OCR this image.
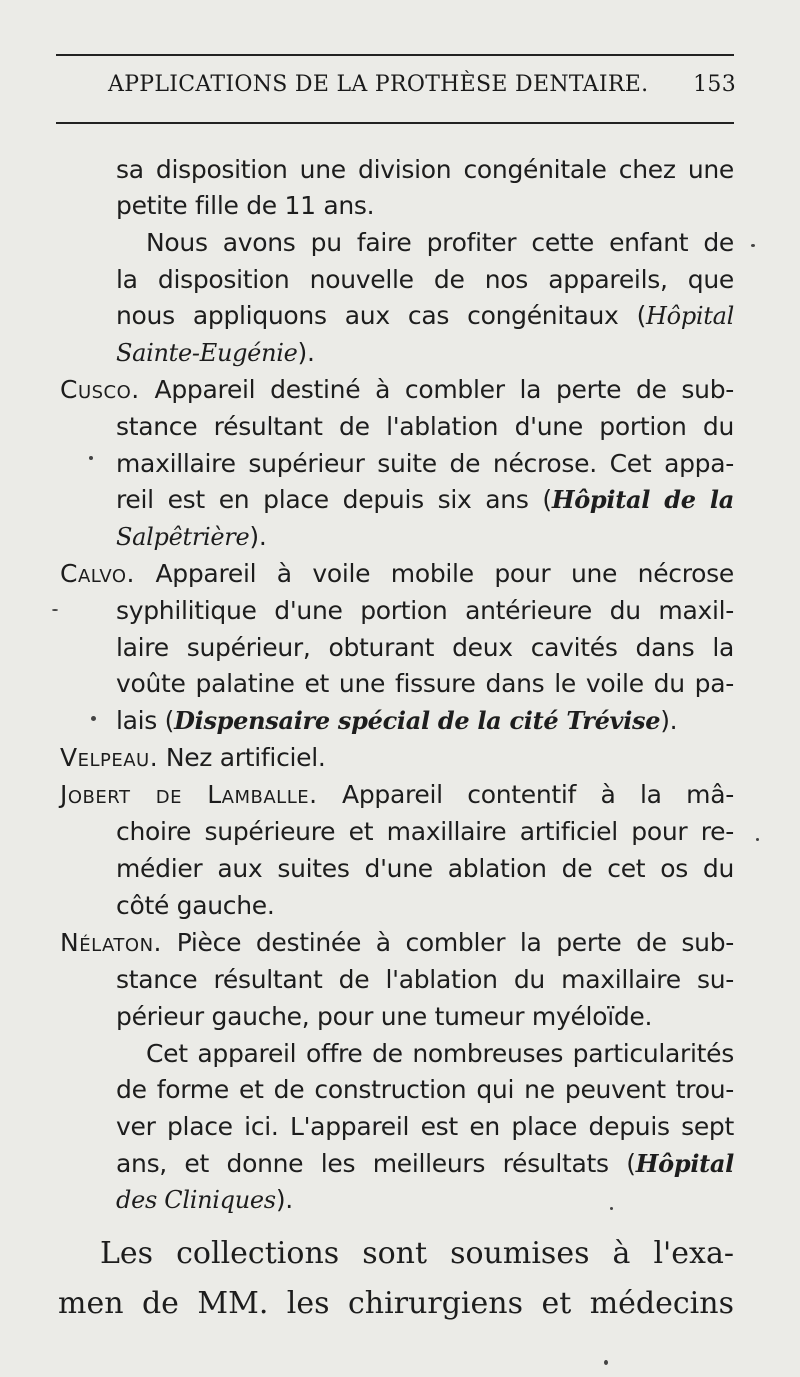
APPLICATIONS DE LA PROTHÈSE DENTAIRE. 153
sa disposition une division congénitale chez une
petite fille de 11 ans.
Nous avons pu faire profiter cette enfant de
la disposition nouvelle de nos appareils, que
nous appliquons aux cas congénitaux (Hôpital
Sainte-Eugénie).
Cusco. Appareil destiné à combler la perte de sub-
stance résultant de l'ablation d'une portion du
maxillaire supérieur suite de nécrose. Cet appa-
reil est en place depuis six ans (Hôpital de la
Salpêtrière).
Calvo. Appareil à voile mobile pour une nécrose
syphilitique d'une portion antérieure du maxil-
laire supérieur, obturant deux cavités dans la
voûte palatine et une fissure dans le voile du pa-
lais (Dispensaire spécial de la cité Trévise).
Velpeau. Nez artificiel.
Jobert de Lamballe. Appareil contentif à la mâ-
choire supérieure et maxillaire artificiel pour re-
médier aux suites d'une ablation de cet os du
côté gauche.
Nélaton. Pièce destinée à combler la perte de sub-
stance résultant de l'ablation du maxillaire su-
périeur gauche, pour une tumeur myéloïde.
Cet appareil offre de nombreuses particularités
de forme et de construction qui ne peuvent trou-
ver place ici. L'appareil est en place depuis sept
ans, et donne les meilleurs résultats (Hôpital
des Cliniques).
Les collections sont soumises à l'exa-
men de MM. les chirurgiens et médecins
